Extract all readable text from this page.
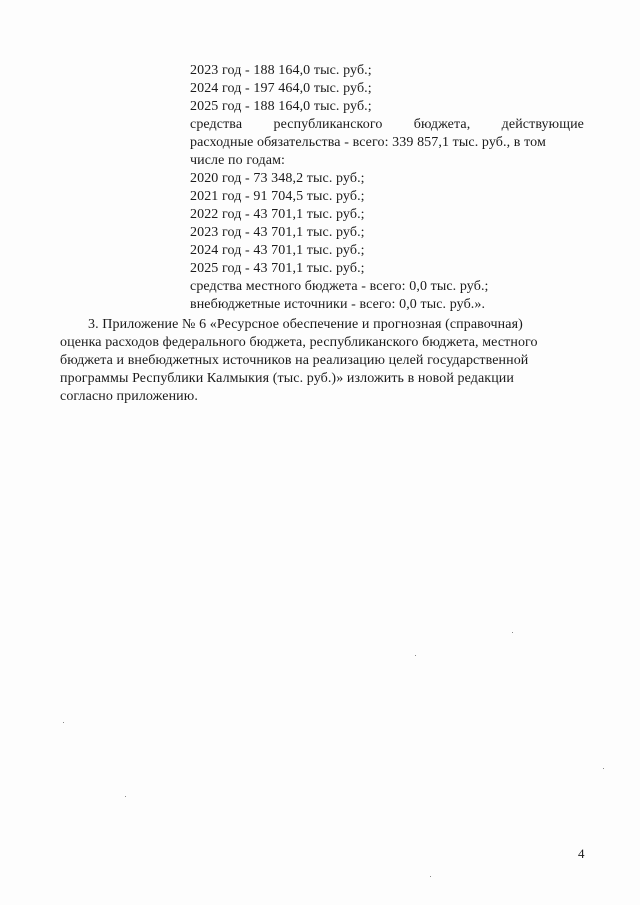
2023 год - 188 164,0 тыс. руб.;
2024 год - 197 464,0 тыс. руб.;
2025 год - 188 164,0 тыс. руб.;
средства республиканского бюджета, действующие
расходные обязательства - всего: 339 857,1 тыс. руб., в том
числе по годам:
2020 год - 73 348,2 тыс. руб.;
2021 год - 91 704,5 тыс. руб.;
2022 год - 43 701,1 тыс. руб.;
2023 год - 43 701,1 тыс. руб.;
2024 год - 43 701,1 тыс. руб.;
2025 год - 43 701,1 тыс. руб.;
средства местного бюджета - всего: 0,0 тыс. руб.;
внебюджетные источники - всего: 0,0 тыс. руб.».
3. Приложение № 6 «Ресурсное обеспечение и прогнозная (справочная)
оценка расходов федерального бюджета, республиканского бюджета, местного
бюджета и внебюджетных источников на реализацию целей государственной
программы Республики Калмыкия (тыс. руб.)» изложить в новой редакции
согласно приложению.
4
